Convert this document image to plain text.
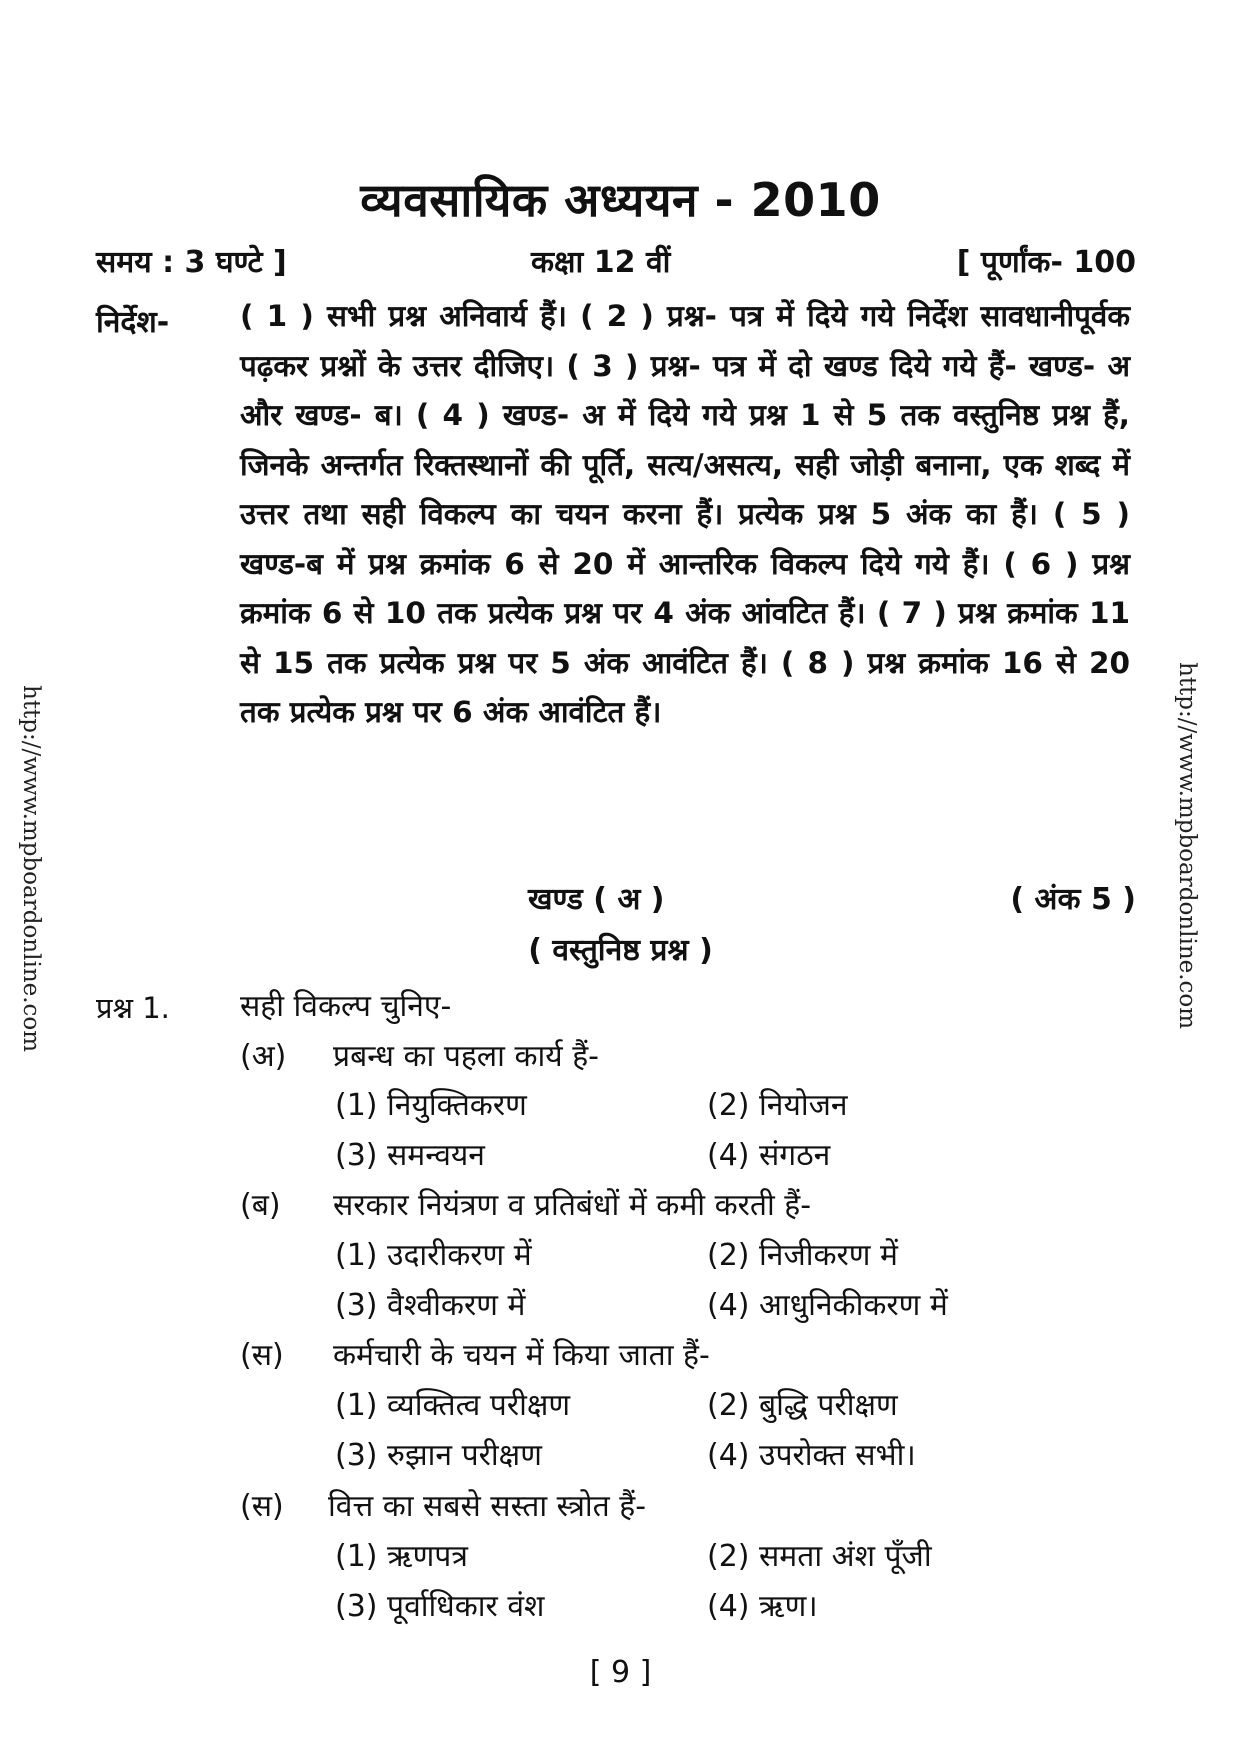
व्यवसायिक अध्ययन - 2010
समय : 3 घण्टे ]	कक्षा 12 वीं	[ पूर्णांक- 100
निर्देश- ( 1 ) सभी प्रश्न अनिवार्य हैं। ( 2 ) प्रश्न- पत्र में दिये गये निर्देश सावधानीपूर्वक पढ़कर प्रश्नों के उत्तर दीजिए। ( 3 ) प्रश्न- पत्र में दो खण्ड दिये गये हैं- खण्ड- अ और खण्ड- ब। ( 4 ) खण्ड- अ में दिये गये प्रश्न 1 से 5 तक वस्तुनिष्ठ प्रश्न हैं, जिनके अन्तर्गत रिक्तस्थानों की पूर्ति, सत्य/असत्य, सही जोड़ी बनाना, एक शब्द में उत्तर तथा सही विकल्प का चयन करना हैं। प्रत्येक प्रश्न 5 अंक का हैं। ( 5 ) खण्ड-ब में प्रश्न क्रमांक 6 से 20 में आन्तरिक विकल्प दिये गये हैं। ( 6 ) प्रश्न क्रमांक 6 से 10 तक प्रत्येक प्रश्न पर 4 अंक आंवटित हैं। ( 7 ) प्रश्न क्रमांक 11 से 15 तक प्रत्येक प्रश्न पर 5 अंक आवंटित हैं। ( 8 ) प्रश्न क्रमांक 16 से 20 तक प्रत्येक प्रश्न पर 6 अंक आवंटित हैं।
खण्ड ( अ )	( अंक 5 )
( वस्तुनिष्ठ प्रश्न )
प्रश्न 1. सही विकल्प चुनिए-
(अ) प्रबन्ध का पहला कार्य हैं-
(1) नियुक्तिकरण	(2) नियोजन
(3) समन्वयन	(4) संगठन
(ब) सरकार नियंत्रण व प्रतिबंधों में कमी करती हैं-
(1) उदारीकरण में	(2) निजीकरण में
(3) वैश्वीकरण में	(4) आधुनिकीकरण में
(स) कर्मचारी के चयन में किया जाता हैं-
(1) व्यक्तित्व परीक्षण	(2) बुद्धि परीक्षण
(3) रुझान परीक्षण	(4) उपरोक्त सभी।
(स) वित्त का सबसे सस्ता स्त्रोत हैं-
(1) ऋणपत्र	(2) समता अंश पूँजी
(3) पूर्वाधिकार वंश	(4) ऋण।
[ 9 ]
http://www.mpboardonline.com	http://www.mpboardonline.com
